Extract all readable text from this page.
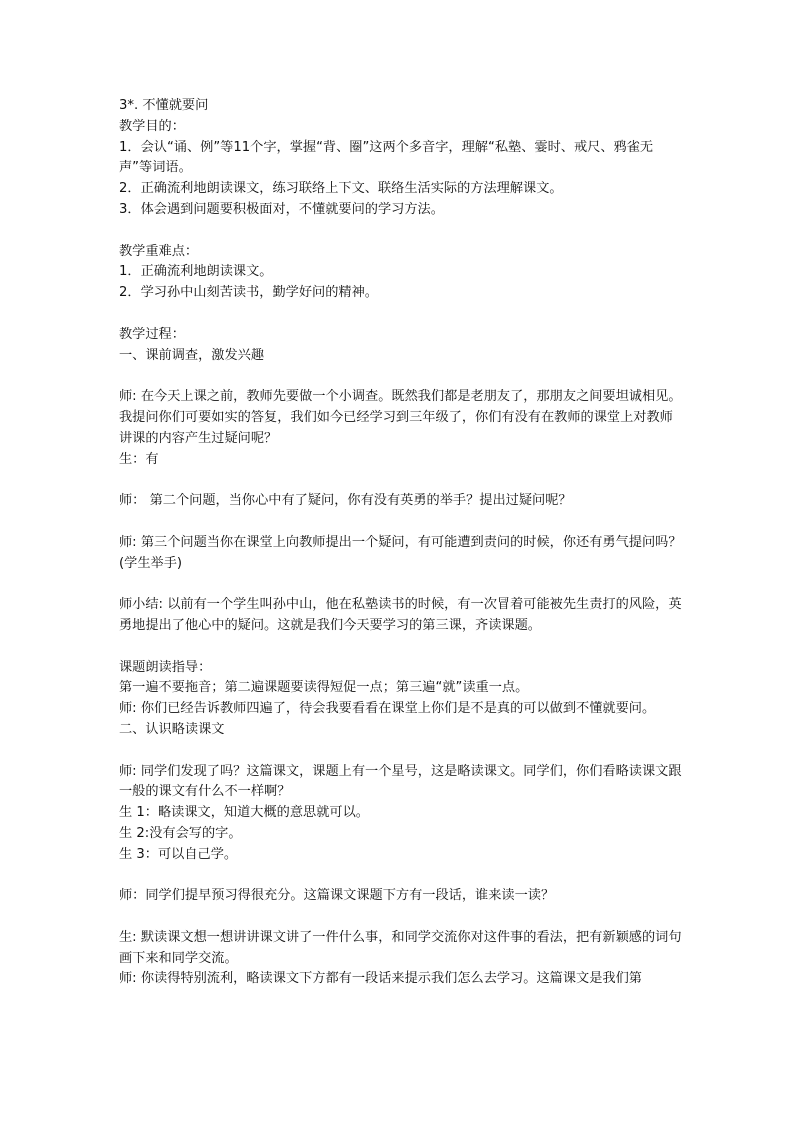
3*. 不懂就要问
教学目的：
1．会认“诵、例”等11个字，掌握“背、圈”这两个多音字，理解“私塾、霎时、戒尺、鸦雀无声”等词语。
2．正确流利地朗读课文，练习联络上下文、联络生活实际的方法理解课文。
3．体会遇到问题要积极面对，不懂就要问的学习方法。
教学重难点：
1．正确流利地朗读课文。
2．学习孙中山刻苦读书，勤学好问的精神。
教学过程：
一、课前调查，激发兴趣
师: 在今天上课之前，教师先要做一个小调查。既然我们都是老朋友了，那朋友之间要坦诚相见。我提问你们可要如实的答复，我们如今已经学习到三年级了，你们有没有在教师的课堂上对教师讲课的内容产生过疑问呢？
生：有
师： 第二个问题，当你心中有了疑问，你有没有英勇的举手？提出过疑问呢？
师: 第三个问题当你在课堂上向教师提出一个疑问，有可能遭到责问的时候，你还有勇气提问吗？
(学生举手)
师小结: 以前有一个学生叫孙中山，他在私塾读书的时候，有一次冒着可能被先生责打的风险，英勇地提出了他心中的疑问。这就是我们今天要学习的第三课，齐读课题。
课题朗读指导：
第一遍不要拖音；第二遍课题要读得短促一点；第三遍“就”读重一点。
师: 你们已经告诉教师四遍了，待会我要看看在课堂上你们是不是真的可以做到不懂就要问。
二、认识略读课文
师: 同学们发现了吗？这篇课文，课题上有一个星号，这是略读课文。同学们，你们看略读课文跟一般的课文有什么不一样啊？
生 1：略读课文，知道大概的意思就可以。
生 2:没有会写的字。
生 3：可以自己学。
师：同学们提早预习得很充分。这篇课文课题下方有一段话，谁来读一读？
生: 默读课文想一想讲讲课文讲了一件什么事，和同学交流你对这件事的看法，把有新颖感的词句画下来和同学交流。
师: 你读得特别流利，略读课文下方都有一段话来提示我们怎么去学习。这篇课文是我们第
